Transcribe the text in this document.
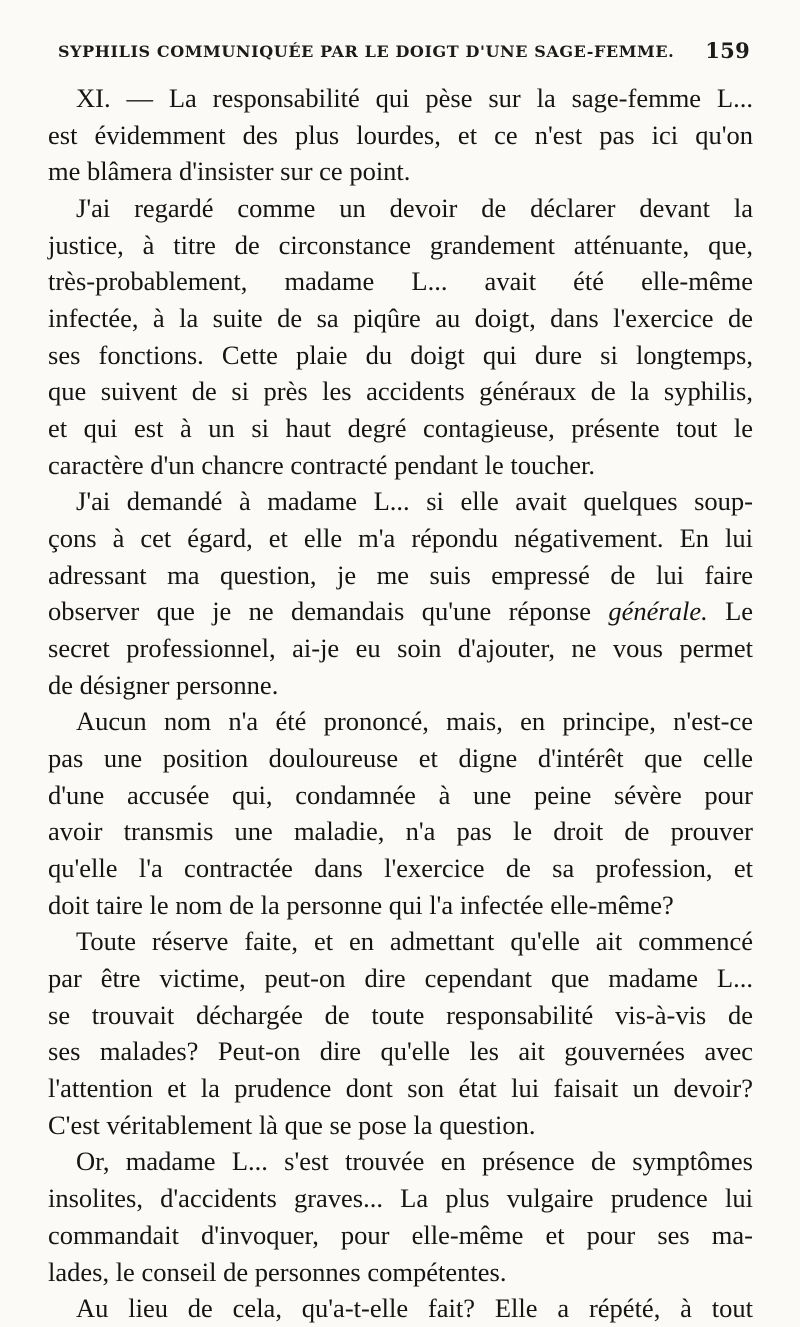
SYPHILIS COMMUNIQUÉE PAR LE DOIGT D'UNE SAGE-FEMME. 159
XI. — La responsabilité qui pèse sur la sage-femme L...
est évidemment des plus lourdes, et ce n'est pas ici qu'on
me blâmera d'insister sur ce point.
J'ai regardé comme un devoir de déclarer devant la
justice, à titre de circonstance grandement atténuante, que,
très-probablement, madame L... avait été elle-même
infectée, à la suite de sa piqûre au doigt, dans l'exercice de
ses fonctions. Cette plaie du doigt qui dure si longtemps,
que suivent de si près les accidents généraux de la syphilis,
et qui est à un si haut degré contagieuse, présente tout le
caractère d'un chancre contracté pendant le toucher.
J'ai demandé à madame L... si elle avait quelques soup-
çons à cet égard, et elle m'a répondu négativement. En lui
adressant ma question, je me suis empressé de lui faire
observer que je ne demandais qu'une réponse générale. Le
secret professionnel, ai-je eu soin d'ajouter, ne vous permet
de désigner personne.
Aucun nom n'a été prononcé, mais, en principe, n'est-ce
pas une position douloureuse et digne d'intérêt que celle
d'une accusée qui, condamnée à une peine sévère pour
avoir transmis une maladie, n'a pas le droit de prouver
qu'elle l'a contractée dans l'exercice de sa profession, et
doit taire le nom de la personne qui l'a infectée elle-même?
Toute réserve faite, et en admettant qu'elle ait commencé
par être victime, peut-on dire cependant que madame L...
se trouvait déchargée de toute responsabilité vis-à-vis de
ses malades? Peut-on dire qu'elle les ait gouvernées avec
l'attention et la prudence dont son état lui faisait un devoir?
C'est véritablement là que se pose la question.
Or, madame L... s'est trouvée en présence de symptômes
insolites, d'accidents graves... La plus vulgaire prudence lui
commandait d'invoquer, pour elle-même et pour ses ma-
lades, le conseil de personnes compétentes.
Au lieu de cela, qu'a-t-elle fait? Elle a répété, à tout
